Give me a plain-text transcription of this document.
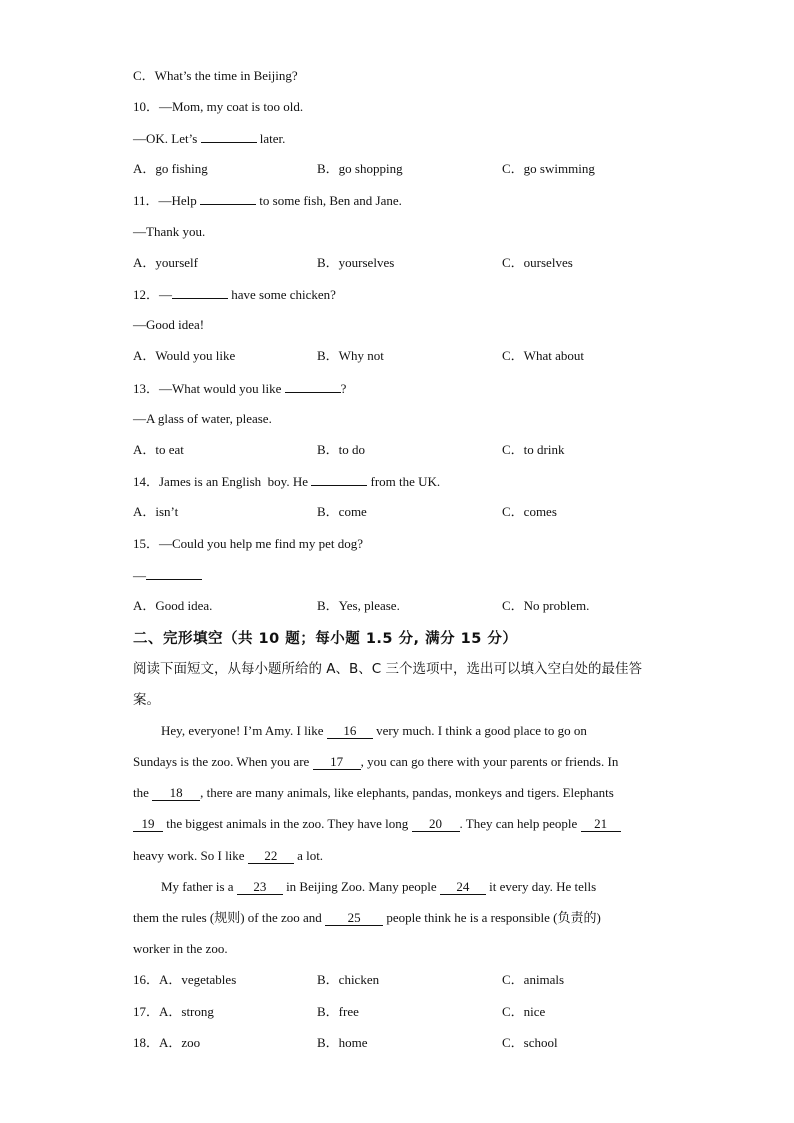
C．What’s the time in Beijing?
10．—Mom, my coat is too old.
—OK. Let’s	later.
A．go fishing	B．go shopping	C．go swimming
11．—Help	to some fish, Ben and Jane.
—Thank you.
A．yourself	B．yourselves	C．ourselves
12．—	have some chicken?
—Good idea!
A．Would you like	B．Why not	C．What about
13．—What would you like	?
—A glass of water, please.
A．to eat	B．to do	C．to drink
14．James is an English  boy. He	from the UK.
A．isn’t	B．come	C．comes
15．—Could you help me find my pet dog?
—
A．Good idea.	B．Yes, please.	C．No problem.
二、完形填空（共 10 题；每小题 1.5 分, 满分 15 分）
阅读下面短文，从每小题所给的 A、B、C 三个选项中，选出可以填入空白处的最佳答
案。
Hey, everyone! I’m Amy. I like 16 very much. I think a good place to go on
Sundays is the zoo. When you are 17 , you can go there with your parents or friends. In
the 18 , there are many animals, like elephants, pandas, monkeys and tigers. Elephants
19 the biggest animals in the zoo. They have long 20 . They can help people 21
heavy work. So I like 22 a lot.
My father is a 23 in Beijing Zoo. Many people 24 it every day. He tells
them the rules (规则) of the zoo and 25 people think he is a responsible (负责的)
worker in the zoo.
16．A．vegetables	B．chicken	C．animals
17．A．strong	B．free	C．nice
18．A．zoo	B．home	C．school
